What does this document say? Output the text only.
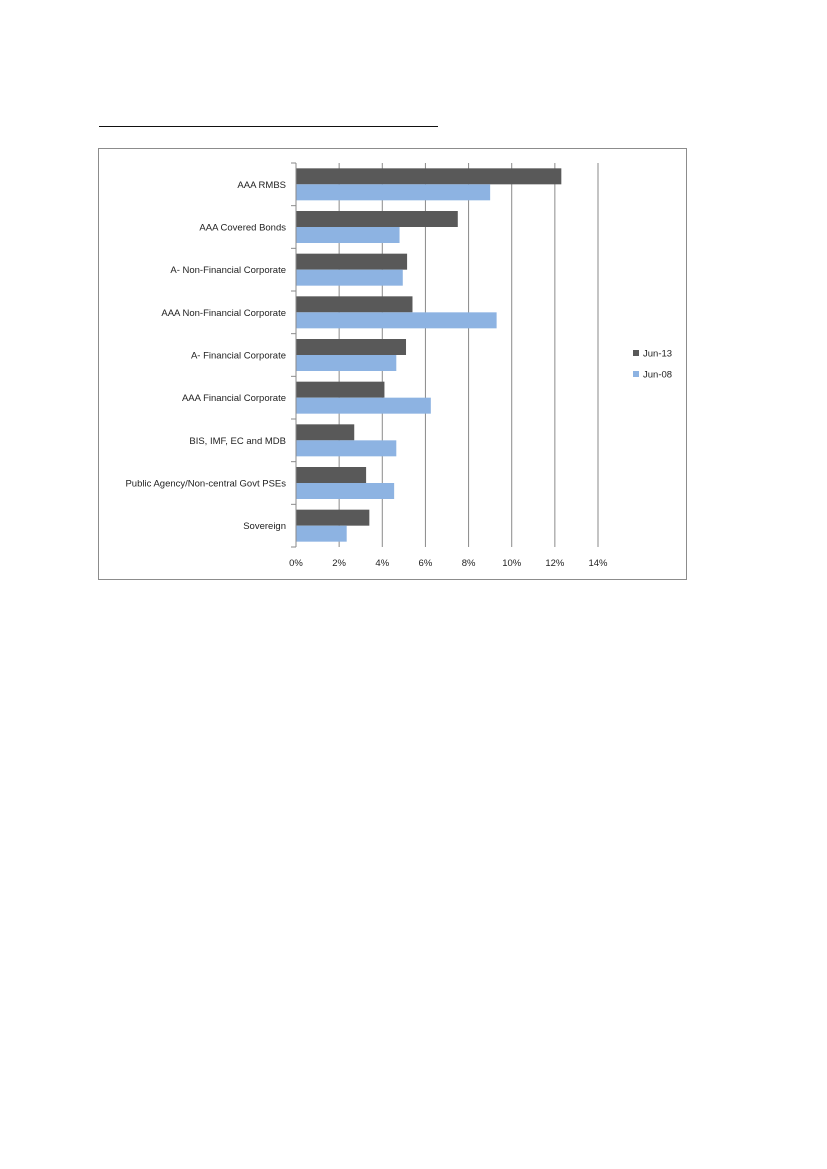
AAA RMBS
AAA Covered Bonds
A- Non-Financial Corporate
AAA Non-Financial Corporate
A- Financial Corporate
AAA Financial Corporate
BIS, IMF, EC and MDB
Public Agency/Non-central Govt PSEs
Sovereign
0%	2%	4%	6%	8%	10%	12%	14%
Jun-13
Jun-08
